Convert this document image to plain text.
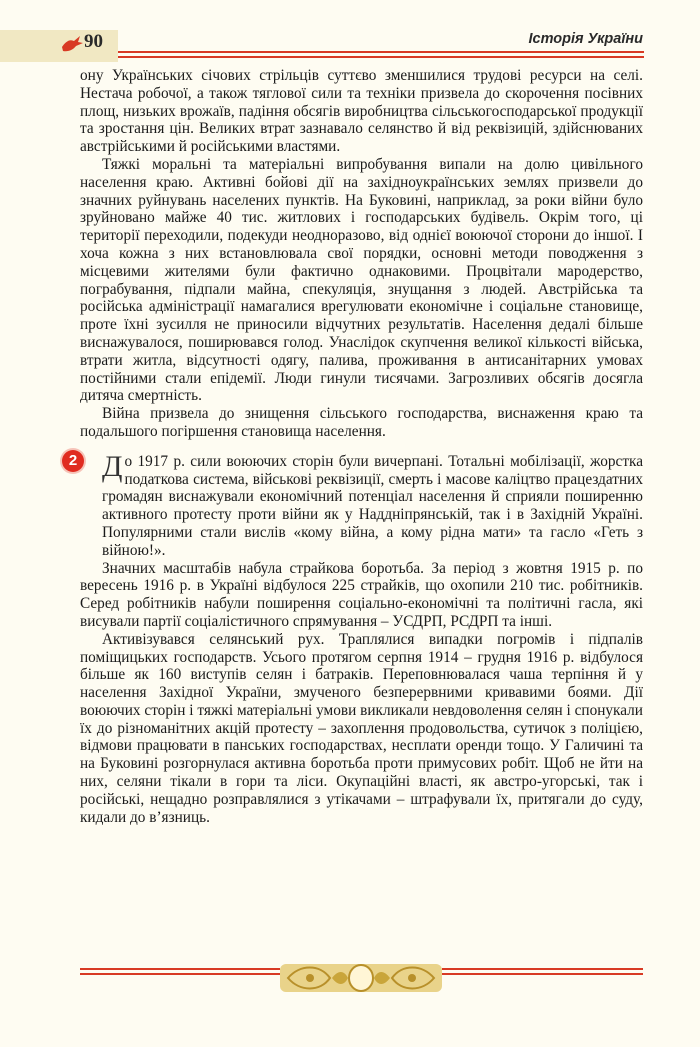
90	Історія України

ону Українських січових стрільців суттєво зменшилися трудові ресурси на селі. Нестача робочої, а також тяглової сили та техніки призвела до скорочення посівних площ, низьких врожаїв, падіння обсягів виробництва сільськогосподарської продукції та зростання цін. Великих втрат зазнавало селянство й від реквізицій, здійснюваних австрійськими й російськими властями.

Тяжкі моральні та матеріальні випробування випали на долю цивільного населення краю. Активні бойові дії на західноукраїнських землях призвели до значних руйнувань населених пунктів. На Буковині, наприклад, за роки війни було зруйновано майже 40 тис. житлових і господарських будівель. Окрім того, ці території переходили, подекуди неодноразово, від однієї воюючої сторони до іншої. І хоча кожна з них встановлювала свої порядки, основні методи поводження з місцевими жителями були фактично однаковими. Процвітали мародерство, пограбування, підпали майна, спекуляція, знущання з людей. Австрійська та російська адміністрації намагалися врегулювати економічне і соціальне становище, проте їхні зусилля не приносили відчутних результатів. Населення дедалі більше виснажувалося, поширювався голод. Унаслідок скупчення великої кількості війська, втрати житла, відсутності одягу, палива, проживання в антисанітарних умовах постійними стали епідемії. Люди гинули тисячами. Загрозливих обсягів досягла дитяча смертність.

Війна призвела до знищення сільського господарства, виснаження краю та подальшого погіршення становища населення.

2 До 1917 р. сили воюючих сторін були вичерпані. Тотальні мобілізації, жорстка податкова система, військові реквізиції, смерть і масове каліцтво працездатних громадян виснажували економічний потенціал населення й сприяли поширенню активного протесту проти війни як у Наддніпрянській, так і в Західній Україні. Популярними стали вислів «кому війна, а кому рідна мати» та гасло «Геть з війною!».

Значних масштабів набула страйкова боротьба. За період з жовтня 1915 р. по вересень 1916 р. в Україні відбулося 225 страйків, що охопили 210 тис. робітників. Серед робітників набули поширення соціально-економічні та політичні гасла, які висували партії соціалістичного спрямування – УСДРП, РСДРП та інші.

Активізувався селянський рух. Траплялися випадки погромів і підпалів поміщицьких господарств. Усього протягом серпня 1914 – грудня 1916 р. відбулося більше як 160 виступів селян і батраків. Переповнювалася чаша терпіння й у населення Західної України, змученого безперервними кривавими боями. Дії воюючих сторін і тяжкі матеріальні умови викликали невдоволення селян і спонукали їх до різноманітних акцій протесту – захоплення продовольства, сутичок з поліцією, відмови працювати в панських господарствах, несплати оренди тощо. У Галичині та на Буковині розгорнулася активна боротьба проти примусових робіт. Щоб не йти на них, селяни тікали в гори та ліси. Окупаційні власті, як австро-угорські, так і російські, нещадно розправлялися з утікачами – штрафували їх, притягали до суду, кидали до в’язниць.
